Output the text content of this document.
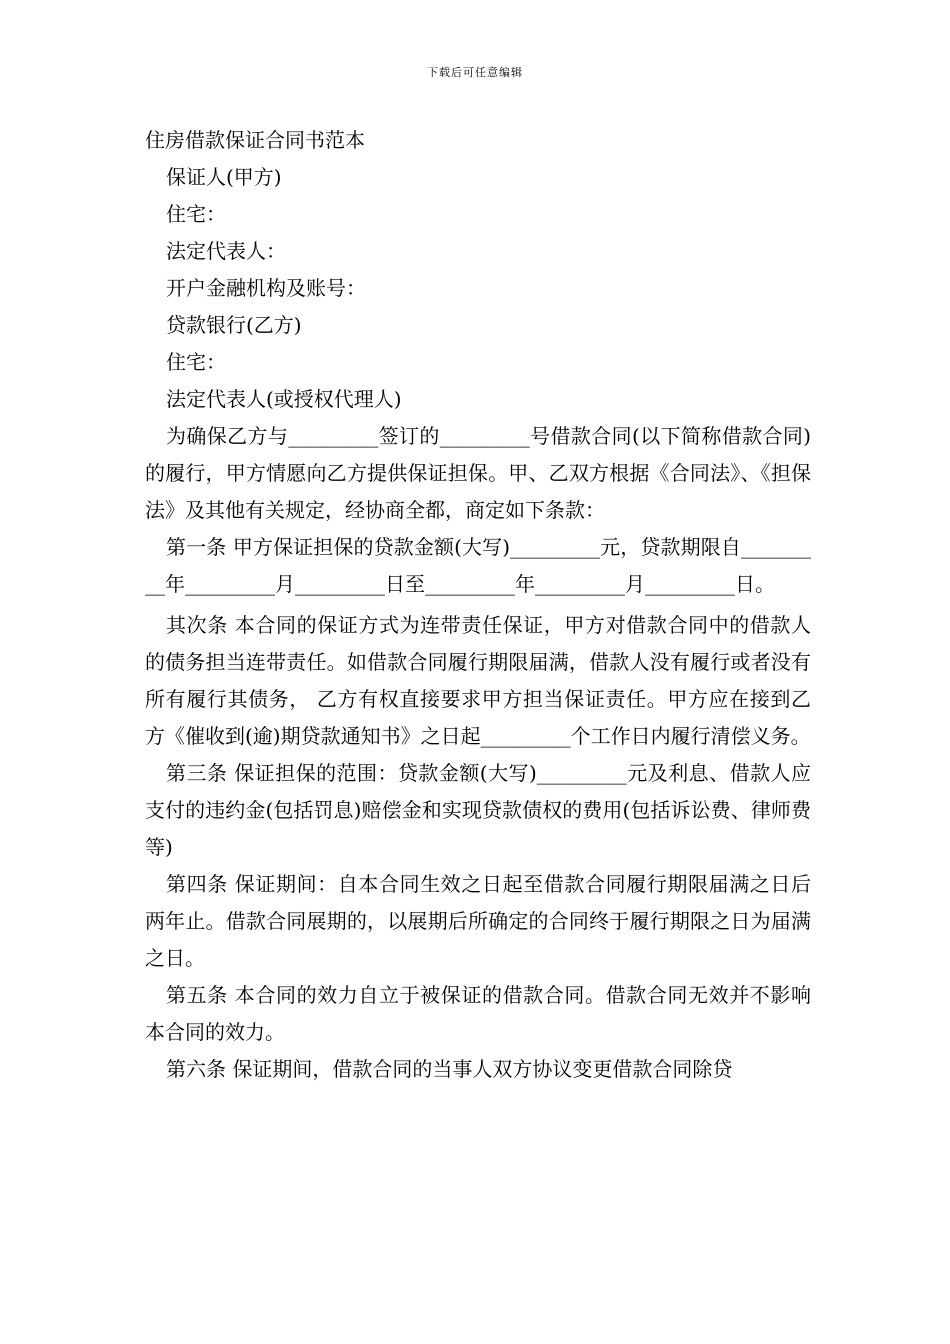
下载后可任意编辑

住房借款保证合同书范本

保证人(甲方)

住宅：

法定代表人：

开户金融机构及账号：

贷款银行(乙方)

住宅：

法定代表人(或授权代理人)

为确保乙方与_________签订的_________号借款合同(以下简称借款合同)的履行，甲方情愿向乙方提供保证担保。甲、乙双方根据《合同法》、《担保法》及其他有关规定，经协商全都，商定如下条款：

第一条 甲方保证担保的贷款金额(大写)_________元，贷款期限自_________年_________月_________日至_________年_________月_________日。

其次条 本合同的保证方式为连带责任保证，甲方对借款合同中的借款人的债务担当连带责任。如借款合同履行期限届满，借款人没有履行或者没有所有履行其债务， 乙方有权直接要求甲方担当保证责任。甲方应在接到乙方《催收到(逾)期贷款通知书》之日起_________个工作日内履行清偿义务。

第三条 保证担保的范围：贷款金额(大写)_________元及利息、借款人应支付的违约金(包括罚息)赔偿金和实现贷款债权的费用(包括诉讼费、律师费等)

第四条 保证期间：自本合同生效之日起至借款合同履行期限届满之日后两年止。借款合同展期的，以展期后所确定的合同终于履行期限之日为届满之日。

第五条 本合同的效力自立于被保证的借款合同。借款合同无效并不影响本合同的效力。

第六条 保证期间，借款合同的当事人双方协议变更借款合同除贷
